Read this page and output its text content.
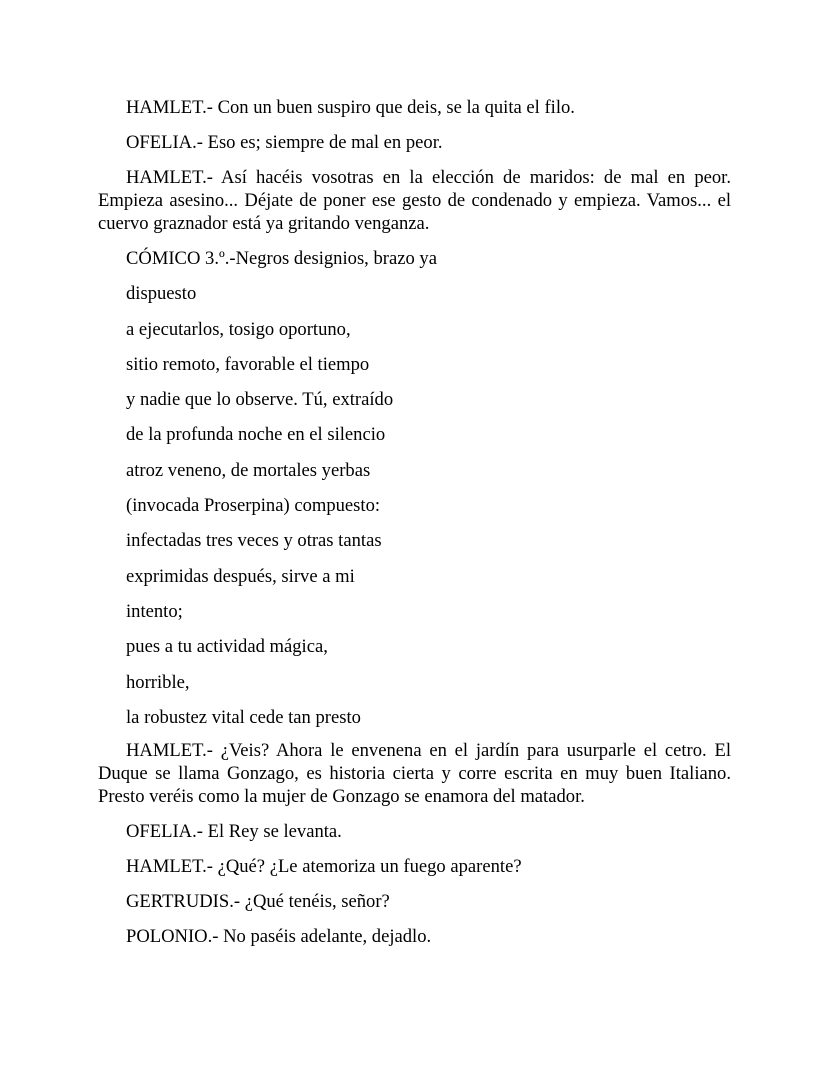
HAMLET.- Con un buen suspiro que deis, se la quita el filo.

OFELIA.- Eso es; siempre de mal en peor.

HAMLET.- Así hacéis vosotras en la elección de maridos: de mal en peor. Empieza asesino... Déjate de poner ese gesto de condenado y empieza. Vamos... el cuervo graznador está ya gritando venganza.

CÓMICO 3.º.-Negros designios, brazo ya

dispuesto

a ejecutarlos, tosigo oportuno,

sitio remoto, favorable el tiempo

y nadie que lo observe. Tú, extraído

de la profunda noche en el silencio

atroz veneno, de mortales yerbas

(invocada Proserpina) compuesto:

infectadas tres veces y otras tantas

exprimidas después, sirve a mi

intento;

pues a tu actividad mágica,

horrible,

la robustez vital cede tan presto

HAMLET.- ¿Veis? Ahora le envenena en el jardín para usurparle el cetro. El Duque se llama Gonzago, es historia cierta y corre escrita en muy buen Italiano. Presto veréis como la mujer de Gonzago se enamora del matador.

OFELIA.- El Rey se levanta.

HAMLET.- ¿Qué? ¿Le atemoriza un fuego aparente?

GERTRUDIS.- ¿Qué tenéis, señor?

POLONIO.- No paséis adelante, dejadlo.
